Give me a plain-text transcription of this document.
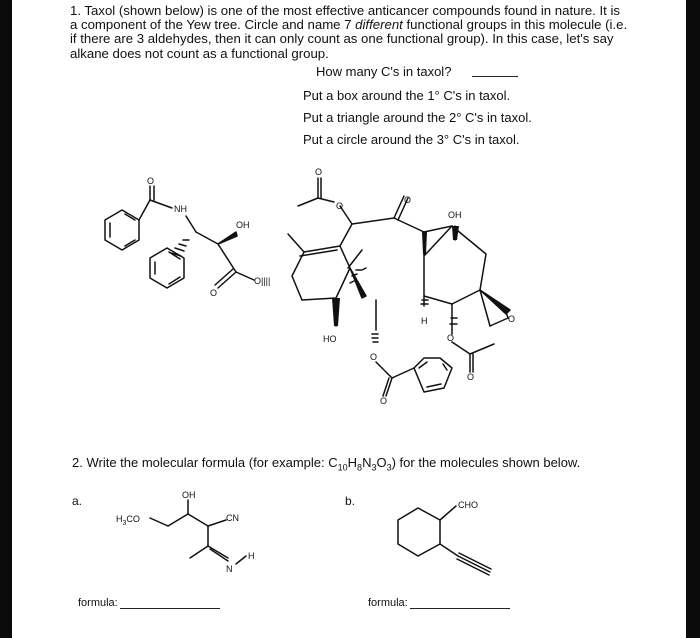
1. Taxol (shown below) is one of the most effective anticancer compounds found in nature. It is a component of the Yew tree. Circle and name 7 different functional groups in this molecule (i.e. if there are 3 aldehydes, then it can only count as one functional group). In this case, let's say alkane does not count as a functional group.

How many C's in taxol?

Put a box around the 1° C's in taxol.

Put a triangle around the 2° C's in taxol.

Put a circle around the 3° C's in taxol.

O
NH
OH
O
O||||
HO
O
O
O
OH
H	O
O
O
O
O
$H_3CO$
OH
CN
N
H
CHO

2. Write the molecular formula (for example: $C_{10}H_8N_3O_3$) for the molecules shown below.

a.	b.

formula:	formula:
